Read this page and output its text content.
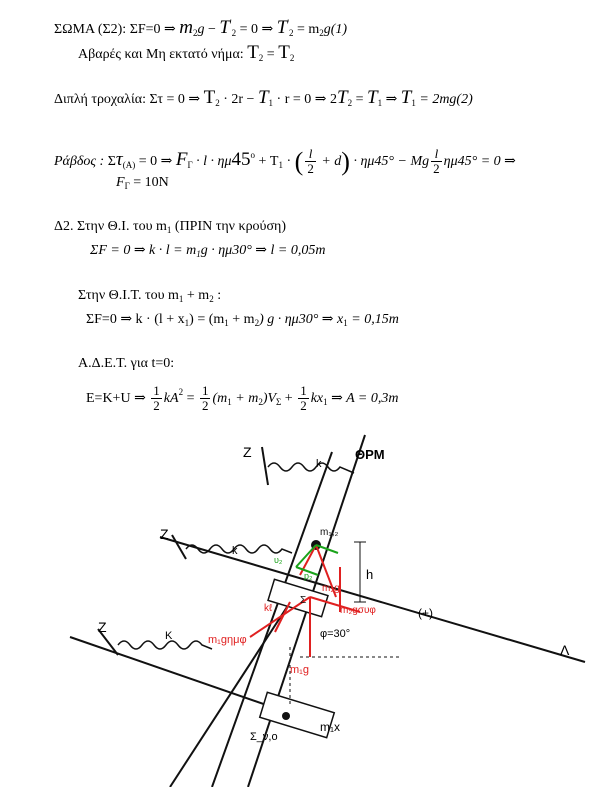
ΣΩΜΑ (Σ2): ΣF=0 ⇒ $m_2g - T'_2 = 0$ ⇒ $T'_2 = m_2g(1)$
Αβαρές και Μη εκτατό νήμα: $T_2 = T_2$
Διπλή τροχαλία: Στ = 0 ⇒ $T_2 \cdot 2r - T_1 \cdot r = 0$ ⇒ $2T_2 = T_1$ ⇒ $T_1 = 2mg(2)$
Ράβδος : $\Sigma\tau_{(A)} = 0$ ⇒ $F_\Gamma \cdot l \cdot \eta\mu 45^o + T_1$ · ( $\frac{l}{2} + d) \cdot \eta\mu 45^\circ - Mg \frac{l}{2} \eta\mu 45^\circ = 0$ ⇒
$F_\Gamma = 10N$
Δ2. Στην Θ.Ι. του $m_1$ (ΠΡΙΝ την κρούση)
ΣF = 0 ⇒ $k \cdot l = m_1g \cdot \eta\mu 30^\circ$ ⇒ l = 0,05m
Στην Θ.Ι.Τ. του $m_1 + m_2$ :
ΣF=0 ⇒ $k \cdot (l + x_1) = (m_1 + m_2)$ g · ημ30° ⇒ $x_1 = 0,15m$
Α.Δ.Ε.Τ. για t=0:
E=K+U ⇒ $\frac{1}{2} kA^2 = \frac{1}{2} (m_1 + m_2)V_\Sigma + \frac{1}{2} kx_1$ ⇒ A = 0,3m
Z
k
ΘΡΜ
Z
k
Z
K
h
(+)
φ=30°
Λ
m₁x
Σ_ν,ο
m₁,₂
Σ
m₁g
m₁gημφ
m₂gσυφ
m₂g
kℓ
υ₂
p₂
